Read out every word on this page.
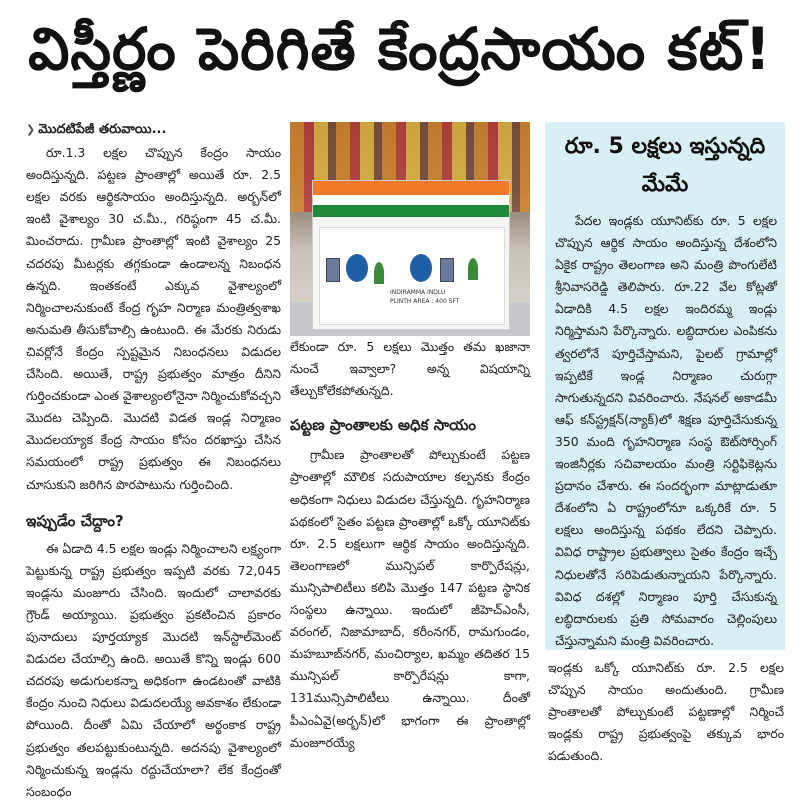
విస్తీర్ణం పెరిగితే కేంద్రసాయం కట్!
❯ మొదటిపేజీ తరువాయి...

రూ.1.3 లక్షల చొప్పున కేంద్రం సాయం అందిస్తున్నది. పట్టణ ప్రాంతాల్లో అయితే రూ. 2.5 లక్షల వరకు ఆర్థికసాయం అందిస్తున్నది. అర్బన్‌లో ఇంటి వైశాల్యం 30 చ.మీ., గరిష్ఠంగా 45 చ.మీ. మించరాదు. గ్రామీణ ప్రాంతాల్లో ఇంటి వైశాల్యం 25 చదరపు మీటర్లకు తగ్గకుండా ఉండాలన్న నిబంధన ఉన్నది. ఇంతకంటే ఎక్కువ వైశాల్యంలో నిర్మించాలనుకుంటే కేంద్ర గృహ నిర్మాణ మంత్రిత్వశాఖ అనుమతి తీసుకోవాల్సి ఉంటుంది. ఈ మేరకు నిరుడు చివర్లోనే కేంద్రం స్పష్టమైన నిబంధనలు విడుదల చేసింది. అయితే, రాష్ట్ర ప్రభుత్వం మాత్రం దీనిని గుర్తించకుండా ఎంత వైశాల్యంలోనైనా నిర్మించుకోవచ్చని మొదట చెప్పింది. మొదటి విడత ఇండ్ల నిర్మాణం మొదలయ్యాక కేంద్ర సాయం కోసం దరఖాస్తు చేసిన సమయంలో రాష్ట్ర ప్రభుత్వం ఈ నిబంధనలు చూసుకుని జరిగిన పొరపాటును గుర్తించింది.

ఇప్పుడేం చేద్దాం?

ఈ ఏడాది 4.5 లక్షల ఇండ్లు నిర్మించాలని లక్ష్యంగా పెట్టుకున్న రాష్ట్ర ప్రభుత్వం ఇప్పటి వరకు 72,045 ఇండ్లను మంజూరు చేసింది. ఇందులో చాలావరకు గ్రౌండ్ అయ్యాయి. ప్రభుత్వం ప్రకటించిన ప్రకారం పునాదులు పూర్తయ్యాక మొదటి ఇన్‌స్టాల్‌మెంట్ విడుదల చేయాల్సి ఉంది. అయితే కొన్ని ఇండ్లు 600 చదరపు అడుగులకన్నా అధికంగా ఉండటంతో వాటికి కేంద్రం నుంచి నిధులు విడుదలయ్యే అవకాశం లేకుండా పోయింది. దీంతో ఏమి చేయాలో అర్థంకాక రాష్ట్ర ప్రభుత్వం తలపట్టుకుంటున్నది. అదనపు వైశాల్యంలో నిర్మించుకున్న ఇండ్లను రద్దుచేయాలా? లేక కేంద్రంతో సంబంధం

INDIRAMMA INDLU
PLINTH AREA : 400 SFT

లేకుండా రూ. 5 లక్షలు మొత్తం తమ ఖజానా నుంచే ఇవ్వాలా? అన్న విషయాన్ని తేల్చుకోలేకపోతున్నది.

పట్టణ ప్రాంతాలకు అధిక సాయం

గ్రామీణ ప్రాంతాలతో పోల్చుకుంటే పట్టణ ప్రాంతాల్లో మౌలిక సదుపాయాల కల్పనకు కేంద్రం అధికంగా నిధులు విడుదల చేస్తున్నది. గృహనిర్మాణ పథకంలో సైతం పట్టణ ప్రాంతాల్లో ఒక్కో యూనిట్‌కు రూ. 2.5 లక్షలుగా ఆర్థిక సాయం అందిస్తున్నది. తెలంగాణలో మున్సిపల్ కార్పొరేషన్లు, మున్సిపాలిటీలు కలిపి మొత్తం 147 పట్టణ స్థానిక సంస్థలు ఉన్నాయి. ఇందులో జీహెచ్‌ఎంసీ, వరంగల్, నిజామాబాద్, కరీంనగర్, రామగుండం, మహబూబ్‌నగర్, మంచిర్యాల, ఖమ్మం తదితర 15 మున్సిపల్ కార్పొరేషన్లు కాగా, 131మున్సిపాలిటీలు ఉన్నాయి. దీంతో పీఎంఏవై(అర్బన్)లో భాగంగా ఈ ప్రాంతాల్లో మంజూరయ్యే

రూ. 5 లక్షలు ఇస్తున్నది మేమే

పేదల ఇండ్లకు యూనిట్‌కు రూ. 5 లక్షల చొప్పున ఆర్థిక సాయం అందిస్తున్న దేశంలోని ఏకైక రాష్ట్రం తెలంగాణ అని మంత్రి పొంగులేటి శ్రీనివాసరెడ్డి తెలిపారు. రూ.22 వేల కోట్లతో ఏడాదికి 4.5 లక్షల ఇందిరమ్మ ఇండ్లు నిర్మిస్తామని పేర్కొన్నారు. లబ్ధిదారుల ఎంపికను త్వరలోనే పూర్తిచేస్తామని, పైలట్ గ్రామాల్లో ఇప్పటికే ఇండ్ల నిర్మాణం చురుగ్గా సాగుతున్నదని వివరించారు. నేషనల్ అకాడమీ ఆఫ్ కన్‌స్ట్రక్షన్(న్యాక్)లో శిక్షణ పూర్తిచేసుకున్న 350 మంది గృహనిర్మాణ సంస్థ ఔట్‌సోర్సింగ్ ఇంజినీర్లకు సచివాలయం మంత్రి సర్టిఫికెట్లను ప్రదానం చేశారు. ఈ సందర్భంగా మాట్లాడుతూ దేశంలోని ఏ రాష్ట్రంలోనూ ఒక్కరికే రూ. 5 లక్షలు అందిస్తున్న పథకం లేదని చెప్పారు. వివిధ రాష్ట్రాల ప్రభుత్వాలు సైతం కేంద్రం ఇచ్చే నిధులతోనే సరిపెడుతున్నాయని పేర్కొన్నారు. వివిధ దశల్లో నిర్మాణం పూర్తి చేసుకున్న లబ్ధిదారులకు ప్రతి సోమవారం చెల్లింపులు చేస్తున్నామని మంత్రి వివరించారు.

ఇండ్లకు ఒక్కో యూనిట్‌కు రూ. 2.5 లక్షల చొప్పున సాయం అందుతుంది. గ్రామీణ ప్రాంతాలతో పోల్చుకుంటే పట్టణాల్లో నిర్మించే ఇండ్లకు రాష్ట్ర ప్రభుత్వంపై తక్కువ భారం పడుతుంది.
